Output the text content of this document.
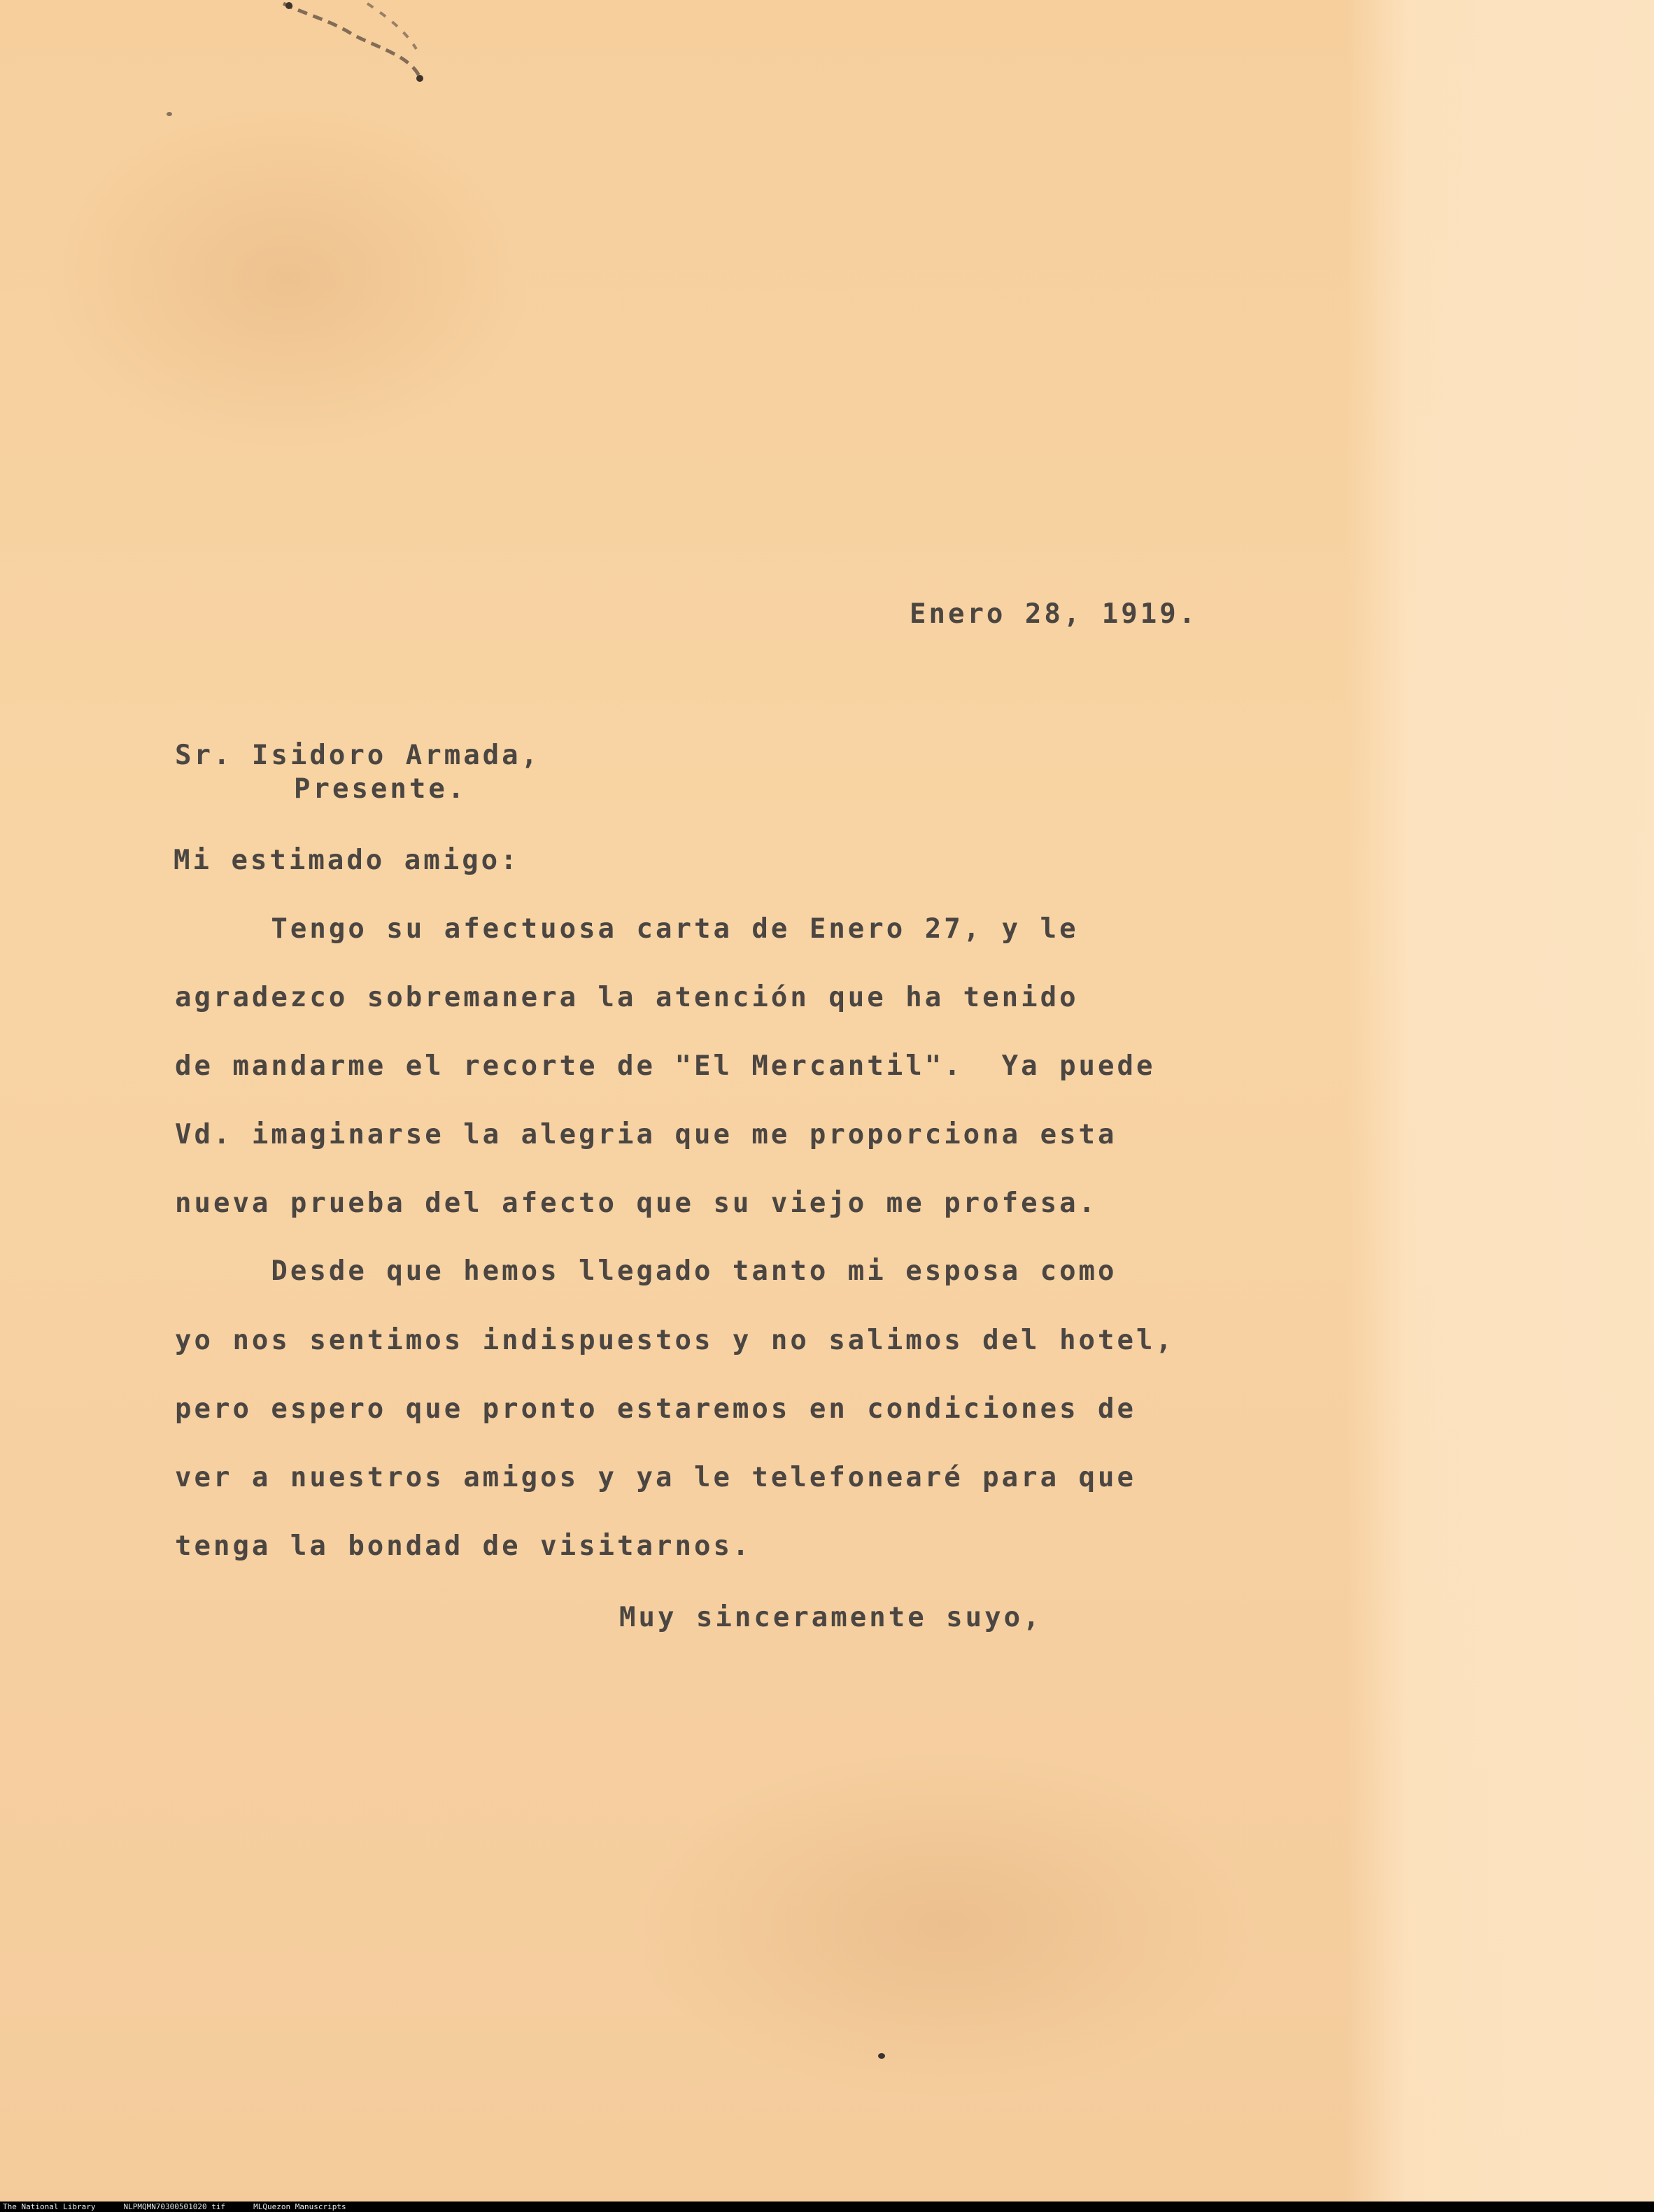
Enero 28, 1919.
Sr. Isidoro Armada,
Presente.
Mi estimado amigo:
Tengo su afectuosa carta de Enero 27, y le
agradezco sobremanera la atención que ha tenido
de mandarme el recorte de "El Mercantil".  Ya puede
Vd. imaginarse la alegria que me proporciona esta
nueva prueba del afecto que su viejo me profesa.
Desde que hemos llegado tanto mi esposa como
yo nos sentimos indispuestos y no salimos del hotel,
pero espero que pronto estaremos en condiciones de
ver a nuestros amigos y ya le telefonearé para que
tenga la bondad de visitarnos.
Muy sinceramente suyo,
The National Library	NLPMQMN70300501020 tif	MLQuezon Manuscripts
